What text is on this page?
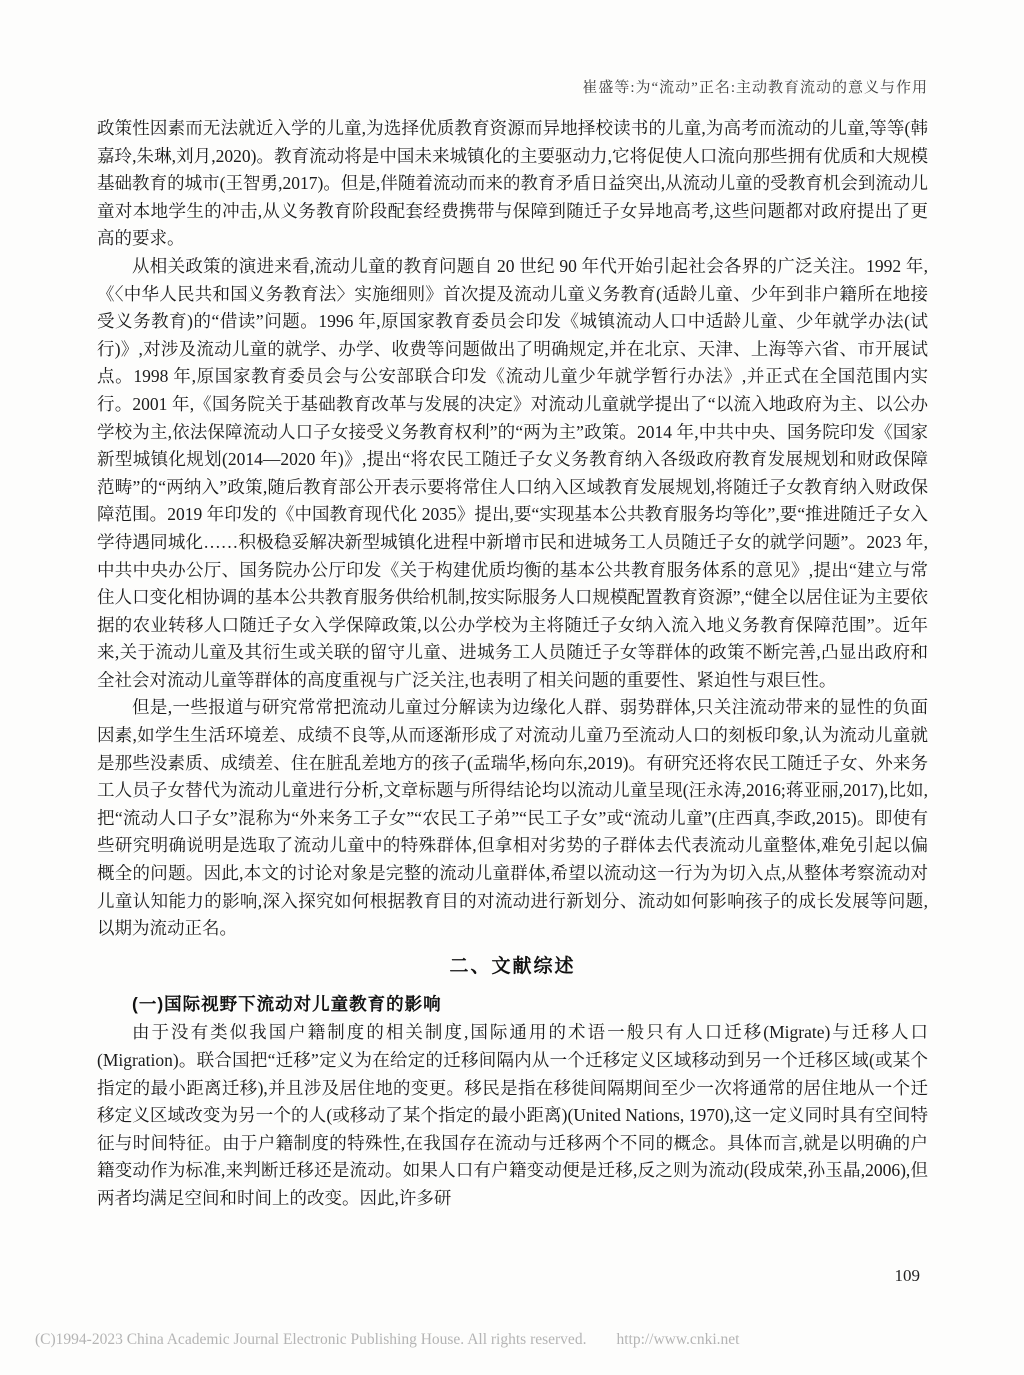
崔盛等:为“流动”正名:主动教育流动的意义与作用

政策性因素而无法就近入学的儿童,为选择优质教育资源而异地择校读书的儿童,为高考而流动的儿童,等等(韩嘉玲,朱琳,刘月,2020)。教育流动将是中国未来城镇化的主要驱动力,它将促使人口流向那些拥有优质和大规模基础教育的城市(王智勇,2017)。但是,伴随着流动而来的教育矛盾日益突出,从流动儿童的受教育机会到流动儿童对本地学生的冲击,从义务教育阶段配套经费携带与保障到随迁子女异地高考,这些问题都对政府提出了更高的要求。

从相关政策的演进来看,流动儿童的教育问题自 20 世纪 90 年代开始引起社会各界的广泛关注。1992 年,《〈中华人民共和国义务教育法〉实施细则》首次提及流动儿童义务教育(适龄儿童、少年到非户籍所在地接受义务教育)的“借读”问题。1996 年,原国家教育委员会印发《城镇流动人口中适龄儿童、少年就学办法(试行)》,对涉及流动儿童的就学、办学、收费等问题做出了明确规定,并在北京、天津、上海等六省、市开展试点。1998 年,原国家教育委员会与公安部联合印发《流动儿童少年就学暂行办法》,并正式在全国范围内实行。2001 年,《国务院关于基础教育改革与发展的决定》对流动儿童就学提出了“以流入地政府为主、以公办学校为主,依法保障流动人口子女接受义务教育权利”的“两为主”政策。2014 年,中共中央、国务院印发《国家新型城镇化规划(2014—2020 年)》,提出“将农民工随迁子女义务教育纳入各级政府教育发展规划和财政保障范畴”的“两纳入”政策,随后教育部公开表示要将常住人口纳入区域教育发展规划,将随迁子女教育纳入财政保障范围。2019 年印发的《中国教育现代化 2035》提出,要“实现基本公共教育服务均等化”,要“推进随迁子女入学待遇同城化……积极稳妥解决新型城镇化进程中新增市民和进城务工人员随迁子女的就学问题”。2023 年,中共中央办公厅、国务院办公厅印发《关于构建优质均衡的基本公共教育服务体系的意见》,提出“建立与常住人口变化相协调的基本公共教育服务供给机制,按实际服务人口规模配置教育资源”,“健全以居住证为主要依据的农业转移人口随迁子女入学保障政策,以公办学校为主将随迁子女纳入流入地义务教育保障范围”。近年来,关于流动儿童及其衍生或关联的留守儿童、进城务工人员随迁子女等群体的政策不断完善,凸显出政府和全社会对流动儿童等群体的高度重视与广泛关注,也表明了相关问题的重要性、紧迫性与艰巨性。

但是,一些报道与研究常常把流动儿童过分解读为边缘化人群、弱势群体,只关注流动带来的显性的负面因素,如学生生活环境差、成绩不良等,从而逐渐形成了对流动儿童乃至流动人口的刻板印象,认为流动儿童就是那些没素质、成绩差、住在脏乱差地方的孩子(孟瑞华,杨向东,2019)。有研究还将农民工随迁子女、外来务工人员子女替代为流动儿童进行分析,文章标题与所得结论均以流动儿童呈现(汪永涛,2016;蒋亚丽,2017),比如,把“流动人口子女”混称为“外来务工子女”“农民工子弟”“民工子女”或“流动儿童”(庄西真,李政,2015)。即使有些研究明确说明是选取了流动儿童中的特殊群体,但拿相对劣势的子群体去代表流动儿童整体,难免引起以偏概全的问题。因此,本文的讨论对象是完整的流动儿童群体,希望以流动这一行为为切入点,从整体考察流动对儿童认知能力的影响,深入探究如何根据教育目的对流动进行新划分、流动如何影响孩子的成长发展等问题,以期为流动正名。

二、文献综述
(一)国际视野下流动对儿童教育的影响

由于没有类似我国户籍制度的相关制度,国际通用的术语一般只有人口迁移(Migrate)与迁移人口(Migration)。联合国把“迁移”定义为在给定的迁移间隔内从一个迁移定义区域移动到另一个迁移区域(或某个指定的最小距离迁移),并且涉及居住地的变更。移民是指在移徙间隔期间至少一次将通常的居住地从一个迁移定义区域改变为另一个的人(或移动了某个指定的最小距离)(United Nations, 1970),这一定义同时具有空间特征与时间特征。由于户籍制度的特殊性,在我国存在流动与迁移两个不同的概念。具体而言,就是以明确的户籍变动作为标准,来判断迁移还是流动。如果人口有户籍变动便是迁移,反之则为流动(段成荣,孙玉晶,2006),但两者均满足空间和时间上的改变。因此,许多研

109
(C)1994-2023 China Academic Journal Electronic Publishing House. All rights reserved. http://www.cnki.net
